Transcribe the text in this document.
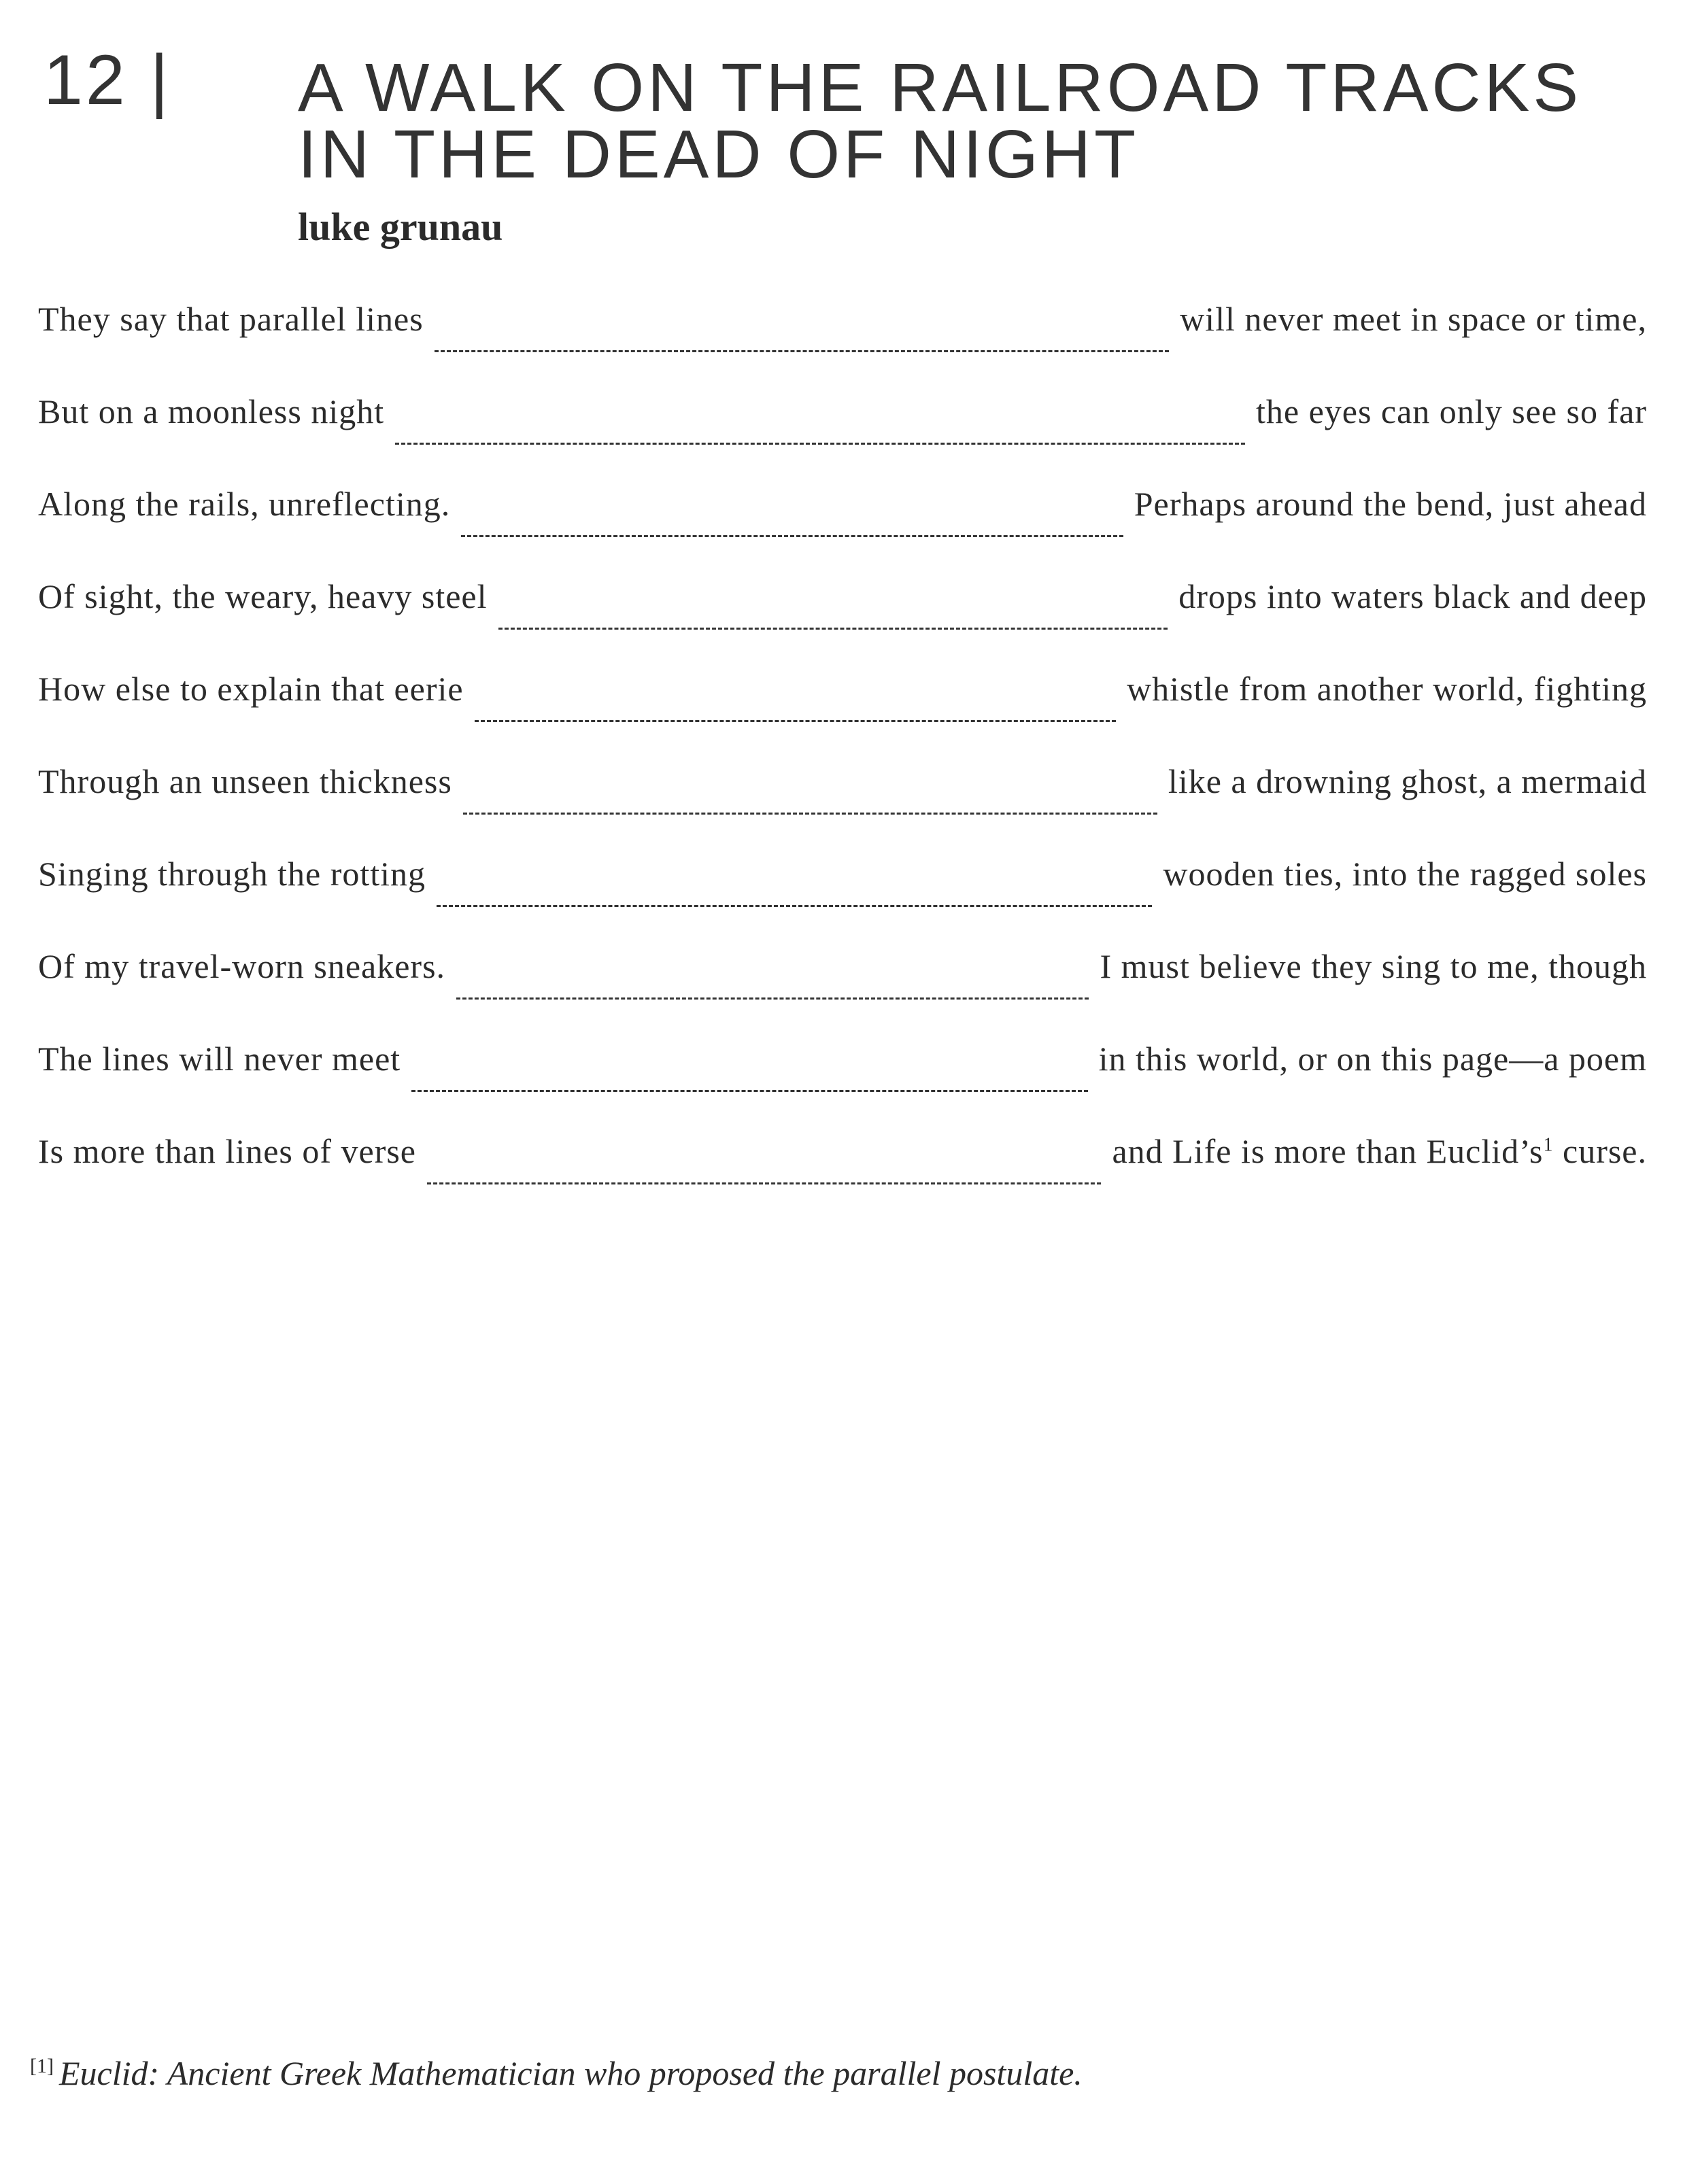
12 | A WALK ON THE RAILROAD TRACKS
IN THE DEAD OF NIGHT
luke grunau
They say that parallel lines	will never meet in space or time,
But on a moonless night	the eyes can only see so far
Along the rails, unreflecting.	Perhaps around the bend, just ahead
Of sight, the weary, heavy steel	drops into waters black and deep
How else to explain that eerie	whistle from another world, fighting
Through an unseen thickness	like a drowning ghost, a mermaid
Singing through the rotting	wooden ties, into the ragged soles
Of my travel-worn sneakers.	I must believe they sing to me, though
The lines will never meet	in this world, or on this page—a poem
Is more than lines of verse	and Life is more than $Euclid’s^1$ curse.
[1] Euclid: Ancient Greek Mathematician who proposed the parallel postulate.
